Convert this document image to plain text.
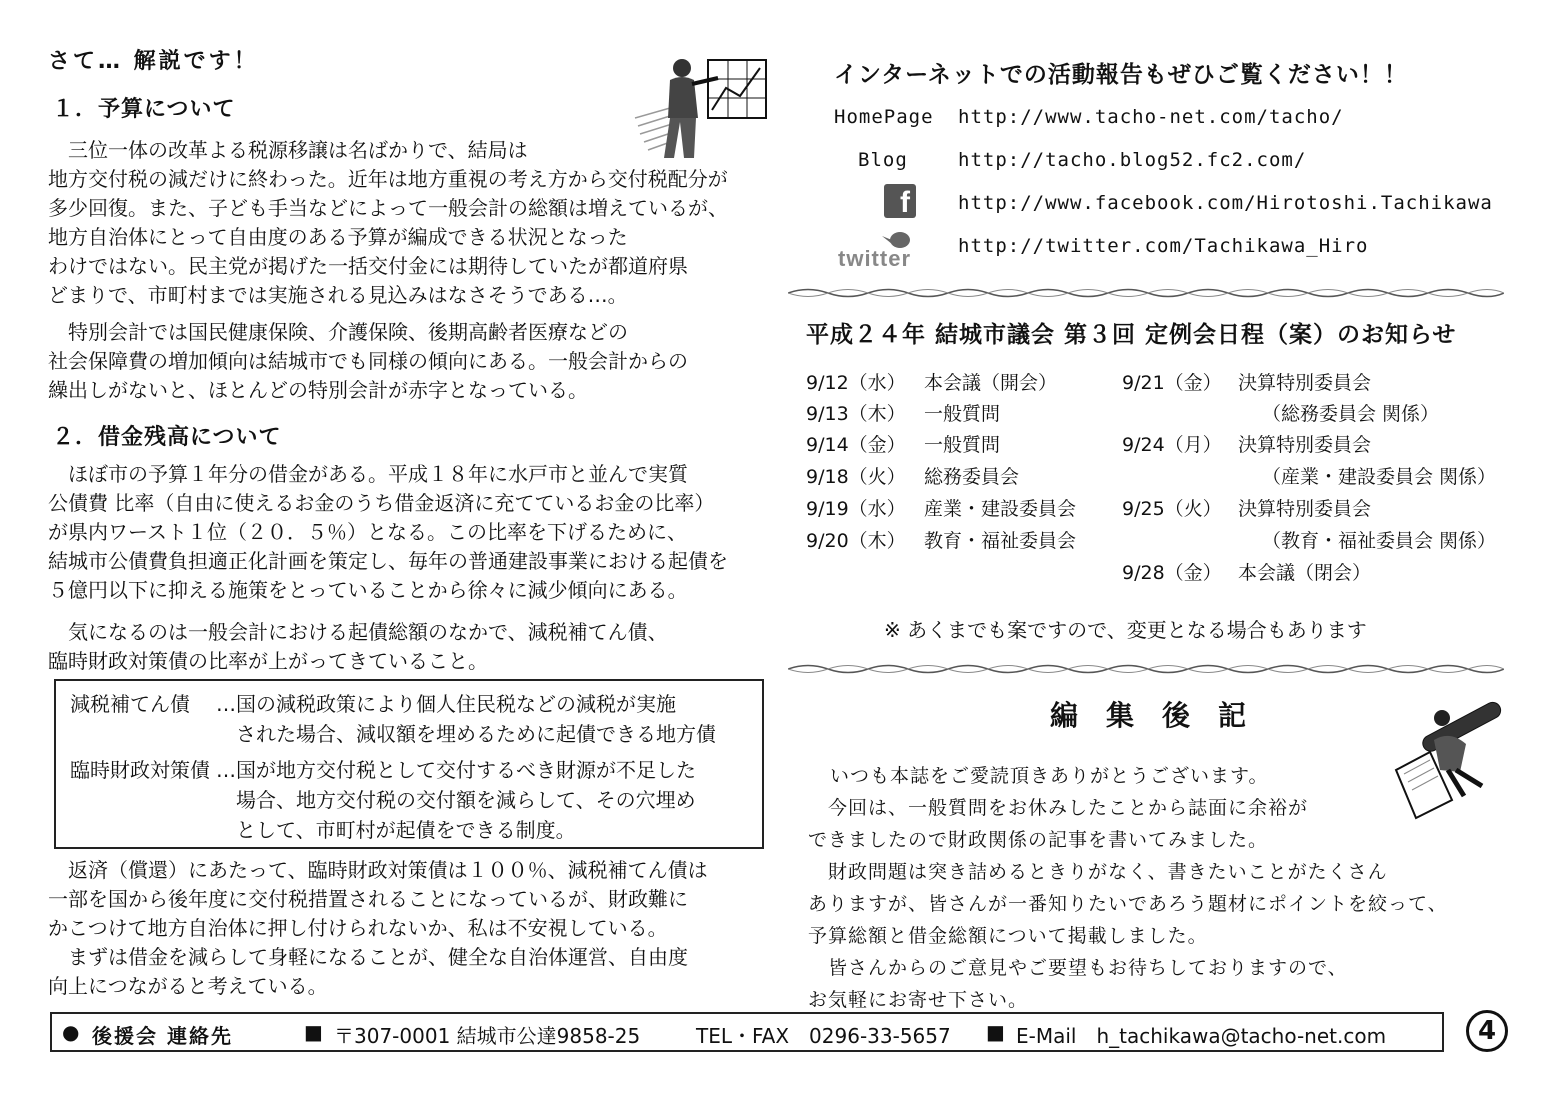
さて… 解説です！
１．予算について
　三位一体の改革よる税源移譲は名ばかりで、結局は
地方交付税の減だけに終わった。近年は地方重視の考え方から交付税配分が
多少回復。また、子ども手当などによって一般会計の総額は増えているが、
地方自治体にとって自由度のある予算が編成できる状況となった
わけではない。民主党が掲げた一括交付金には期待していたが都道府県
どまりで、市町村までは実施される見込みはなさそうである…。
　特別会計では国民健康保険、介護保険、後期高齢者医療などの
社会保障費の増加傾向は結城市でも同様の傾向にある。一般会計からの
繰出しがないと、ほとんどの特別会計が赤字となっている。
２．借金残高について
　ほぼ市の予算１年分の借金がある。平成１８年に水戸市と並んで実質
公債費 比率（自由に使えるお金のうち借金返済に充てているお金の比率）
が県内ワースト１位（２０．５％）となる。この比率を下げるために、
結城市公債費負担適正化計画を策定し、毎年の普通建設事業における起債を
５億円以下に抑える施策をとっていることから徐々に減少傾向にある。
　気になるのは一般会計における起債総額のなかで、減税補てん債、
臨時財政対策債の比率が上がってきていること。
減税補てん債 …国の減税政策により個人住民税などの減税が実施
　された場合、減収額を埋めるために起債できる地方債
臨時財政対策債 …国が地方交付税として交付するべき財源が不足した
　場合、地方交付税の交付額を減らして、その穴埋め
　として、市町村が起債をできる制度。
　返済（償還）にあたって、臨時財政対策債は１００％、減税補てん債は
一部を国から後年度に交付税措置されることになっているが、財政難に
かこつけて地方自治体に押し付けられないか、私は不安視している。
　まずは借金を減らして身軽になることが、健全な自治体運営、自由度
向上につながると考えている。
インターネットでの活動報告もぜひご覧ください！！
HomePage http://www.tacho-net.com/tacho/
Blog	http://tacho.blog52.fc2.com/
f	http://www.facebook.com/Hirotoshi.Tachikawa
twitter http://twitter.com/Tachikawa_Hiro
平成２４年 結城市議会 第３回 定例会日程（案）のお知らせ
9/12（水） 本会議（開会）
9/13（木） 一般質問
9/14（金） 一般質問
9/18（火） 総務委員会
9/19（水） 産業・建設委員会
9/20（木） 教育・福祉委員会
9/21（金） 決算特別委員会
（総務委員会 関係）
9/24（月） 決算特別委員会
（産業・建設委員会 関係）
9/25（火） 決算特別委員会
（教育・福祉委員会 関係）
9/28（金） 本会議（閉会）
※ あくまでも案ですので、変更となる場合もあります
編　集　後　記
いつも本誌をご愛読頂きありがとうございます。
　今回は、一般質問をお休みしたことから誌面に余裕が
できましたので財政関係の記事を書いてみました。
　財政問題は突き詰めるときりがなく、書きたいことがたくさん
ありますが、皆さんが一番知りたいであろう題材にポイントを絞って、
予算総額と借金総額について掲載しました。
　皆さんからのご意見やご要望もお待ちしておりますので、
お気軽にお寄せ下さい。
● 後援会 連絡先	■ 〒307-0001 結城市公達9858-25	TEL・FAX　0296-33-5657 ■ E-Mail　h_tachikawa@tacho-net.com	4
